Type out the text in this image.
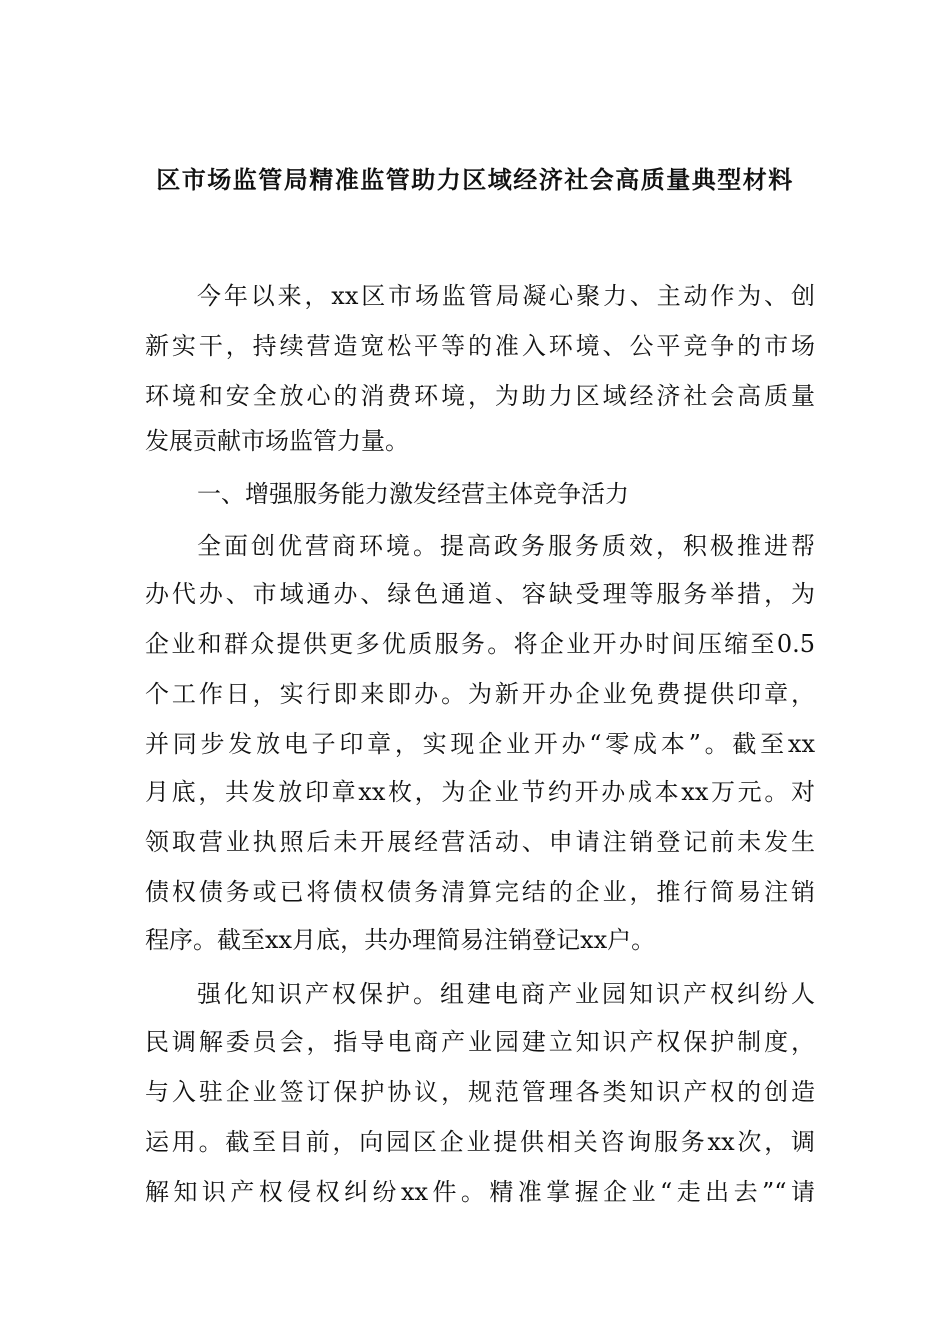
区市场监管局精准监管助力区域经济社会高质量典型材料

今年以来，xx区市场监管局凝心聚力、主动作为、创

新实干，持续营造宽松平等的准入环境、公平竞争的市场

环境和安全放心的消费环境，为助力区域经济社会高质量

发展贡献市场监管力量。

一、增强服务能力激发经营主体竞争活力

全面创优营商环境。提高政务服务质效，积极推进帮

办代办、市域通办、绿色通道、容缺受理等服务举措，为

企业和群众提供更多优质服务。将企业开办时间压缩至0.5

个工作日，实行即来即办。为新开办企业免费提供印章，

并同步发放电子印章，实现企业开办“零成本”。截至xx

月底，共发放印章xx枚，为企业节约开办成本xx万元。对

领取营业执照后未开展经营活动、申请注销登记前未发生

债权债务或已将债权债务清算完结的企业，推行简易注销

程序。截至xx月底，共办理简易注销登记xx户。

强化知识产权保护。组建电商产业园知识产权纠纷人

民调解委员会，指导电商产业园建立知识产权保护制度，

与入驻企业签订保护协议，规范管理各类知识产权的创造

运用。截至目前，向园区企业提供相关咨询服务xx次，调

解知识产权侵权纠纷xx件。精准掌握企业“走出去”“请
